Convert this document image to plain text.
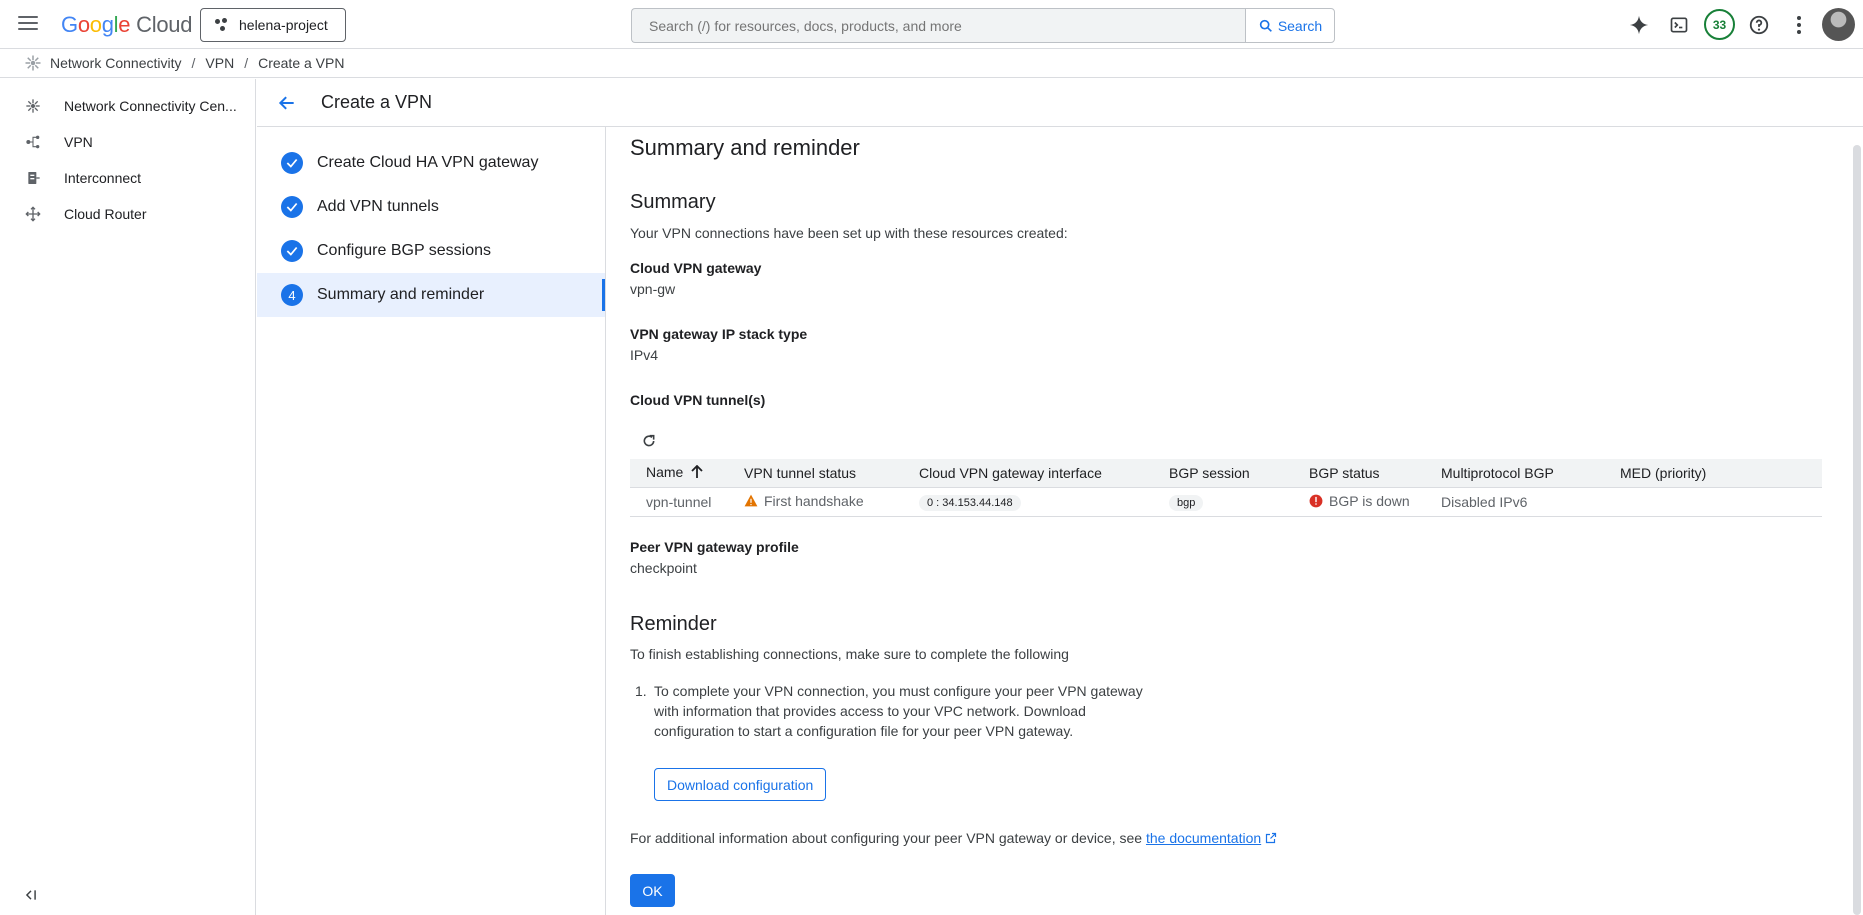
Google Cloud	helena-project
Search (/) for resources, docs, products, and more	Search	33
Network Connectivity / VPN / Create a VPN
Network Connectivity Cen...
VPN
Interconnect
Cloud Router
Create a VPN
Create Cloud HA VPN gateway
Add VPN tunnels
Configure BGP sessions
4	Summary and reminder
Summary and reminder
Summary
Your VPN connections have been set up with these resources created:
Cloud VPN gateway
vpn-gw
VPN gateway IP stack type
IPv4
Cloud VPN tunnel(s)
Name	VPN tunnel status	Cloud VPN gateway interface	BGP session	BGP status	Multiprotocol BGP	MED (priority)
vpn-tunnel	First handshake	0 : 34.153.44.148	bgp	BGP is down	Disabled IPv6	
Peer VPN gateway profile
checkpoint
Reminder
To finish establishing connections, make sure to complete the following
1. To complete your VPN connection, you must configure your peer VPN gateway
with information that provides access to your VPC network. Download
configuration to start a configuration file for your peer VPN gateway.
Download configuration
For additional information about configuring your peer VPN gateway or device, see the documentation
OK
